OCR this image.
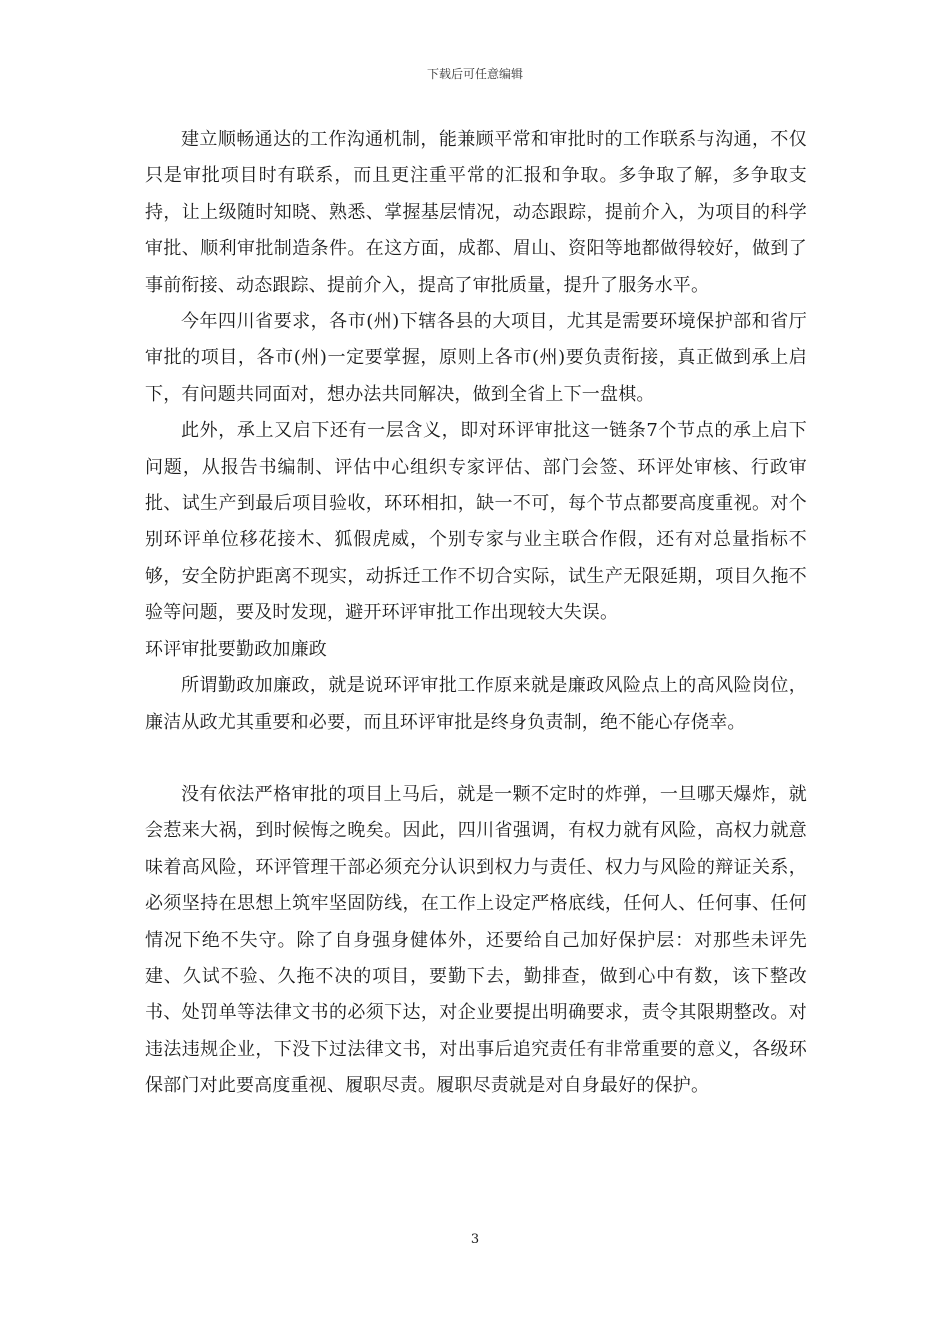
下载后可任意编辑

建立顺畅通达的工作沟通机制，能兼顾平常和审批时的工作联系与沟通，不仅只是审批项目时有联系，而且更注重平常的汇报和争取。多争取了解，多争取支持，让上级随时知晓、熟悉、掌握基层情况，动态跟踪，提前介入，为项目的科学审批、顺利审批制造条件。在这方面，成都、眉山、资阳等地都做得较好，做到了事前衔接、动态跟踪、提前介入，提高了审批质量，提升了服务水平。

今年四川省要求，各市(州)下辖各县的大项目，尤其是需要环境保护部和省厅审批的项目，各市(州)一定要掌握，原则上各市(州)要负责衔接，真正做到承上启下，有问题共同面对，想办法共同解决，做到全省上下一盘棋。

此外，承上又启下还有一层含义，即对环评审批这一链条7个节点的承上启下问题，从报告书编制、评估中心组织专家评估、部门会签、环评处审核、行政审批、试生产到最后项目验收，环环相扣，缺一不可，每个节点都要高度重视。对个别环评单位移花接木、狐假虎威，个别专家与业主联合作假，还有对总量指标不够，安全防护距离不现实，动拆迁工作不切合实际，试生产无限延期，项目久拖不验等问题，要及时发现，避开环评审批工作出现较大失误。

环评审批要勤政加廉政

所谓勤政加廉政，就是说环评审批工作原来就是廉政风险点上的高风险岗位，廉洁从政尤其重要和必要，而且环评审批是终身负责制，绝不能心存侥幸。

没有依法严格审批的项目上马后，就是一颗不定时的炸弹，一旦哪天爆炸，就会惹来大祸，到时候悔之晚矣。因此，四川省强调，有权力就有风险，高权力就意味着高风险，环评管理干部必须充分认识到权力与责任、权力与风险的辩证关系，必须坚持在思想上筑牢坚固防线，在工作上设定严格底线，任何人、任何事、任何情况下绝不失守。除了自身强身健体外，还要给自己加好保护层：对那些未评先建、久试不验、久拖不决的项目，要勤下去，勤排查，做到心中有数，该下整改书、处罚单等法律文书的必须下达，对企业要提出明确要求，责令其限期整改。对违法违规企业，下没下过法律文书，对出事后追究责任有非常重要的意义，各级环保部门对此要高度重视、履职尽责。履职尽责就是对自身最好的保护。

3
